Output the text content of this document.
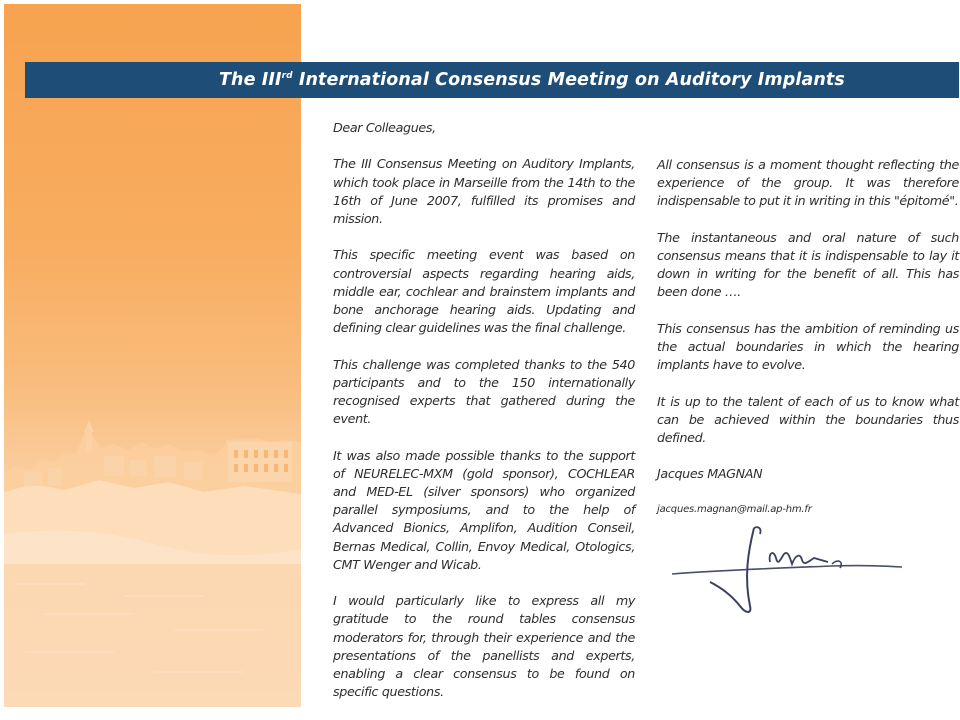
The IIIrd International Consensus Meeting on Auditory Implants

Dear Colleagues,

The III Consensus Meeting on Auditory Implants, which took place in Marseille from the 14th to the 16th of June 2007, fulfilled its promises and mission.

This specific meeting event was based on controversial aspects regarding hearing aids, middle ear, cochlear and brainstem implants and bone anchorage hearing aids. Updating and defining clear guidelines was the final challenge.

This challenge was completed thanks to the 540 participants and to the 150 internationally recognised experts that gathered during the event.

It was also made possible thanks to the support of NEURELEC-MXM (gold sponsor), COCHLEAR and MED-EL (silver sponsors) who organized parallel symposiums, and to the help of Advanced Bionics, Amplifon, Audition Conseil, Bernas Medical, Collin, Envoy Medical, Otologics, CMT Wenger and Wicab.

I would particularly like to express all my gratitude to the round tables consensus moderators for, through their experience and the presentations of the panellists and experts, enabling a clear consensus to be found on specific questions.

All consensus is a moment thought reflecting the experience of the group. It was therefore indispensable to put it in writing in this "épitomé".

The instantaneous and oral nature of such consensus means that it is indispensable to lay it down in writing for the benefit of all. This has been done ….

This consensus has the ambition of reminding us the actual boundaries in which the hearing implants have to evolve.

It is up to the talent of each of us to know what can be achieved within the boundaries thus defined.

Jacques MAGNAN

jacques.magnan@mail.ap-hm.fr
